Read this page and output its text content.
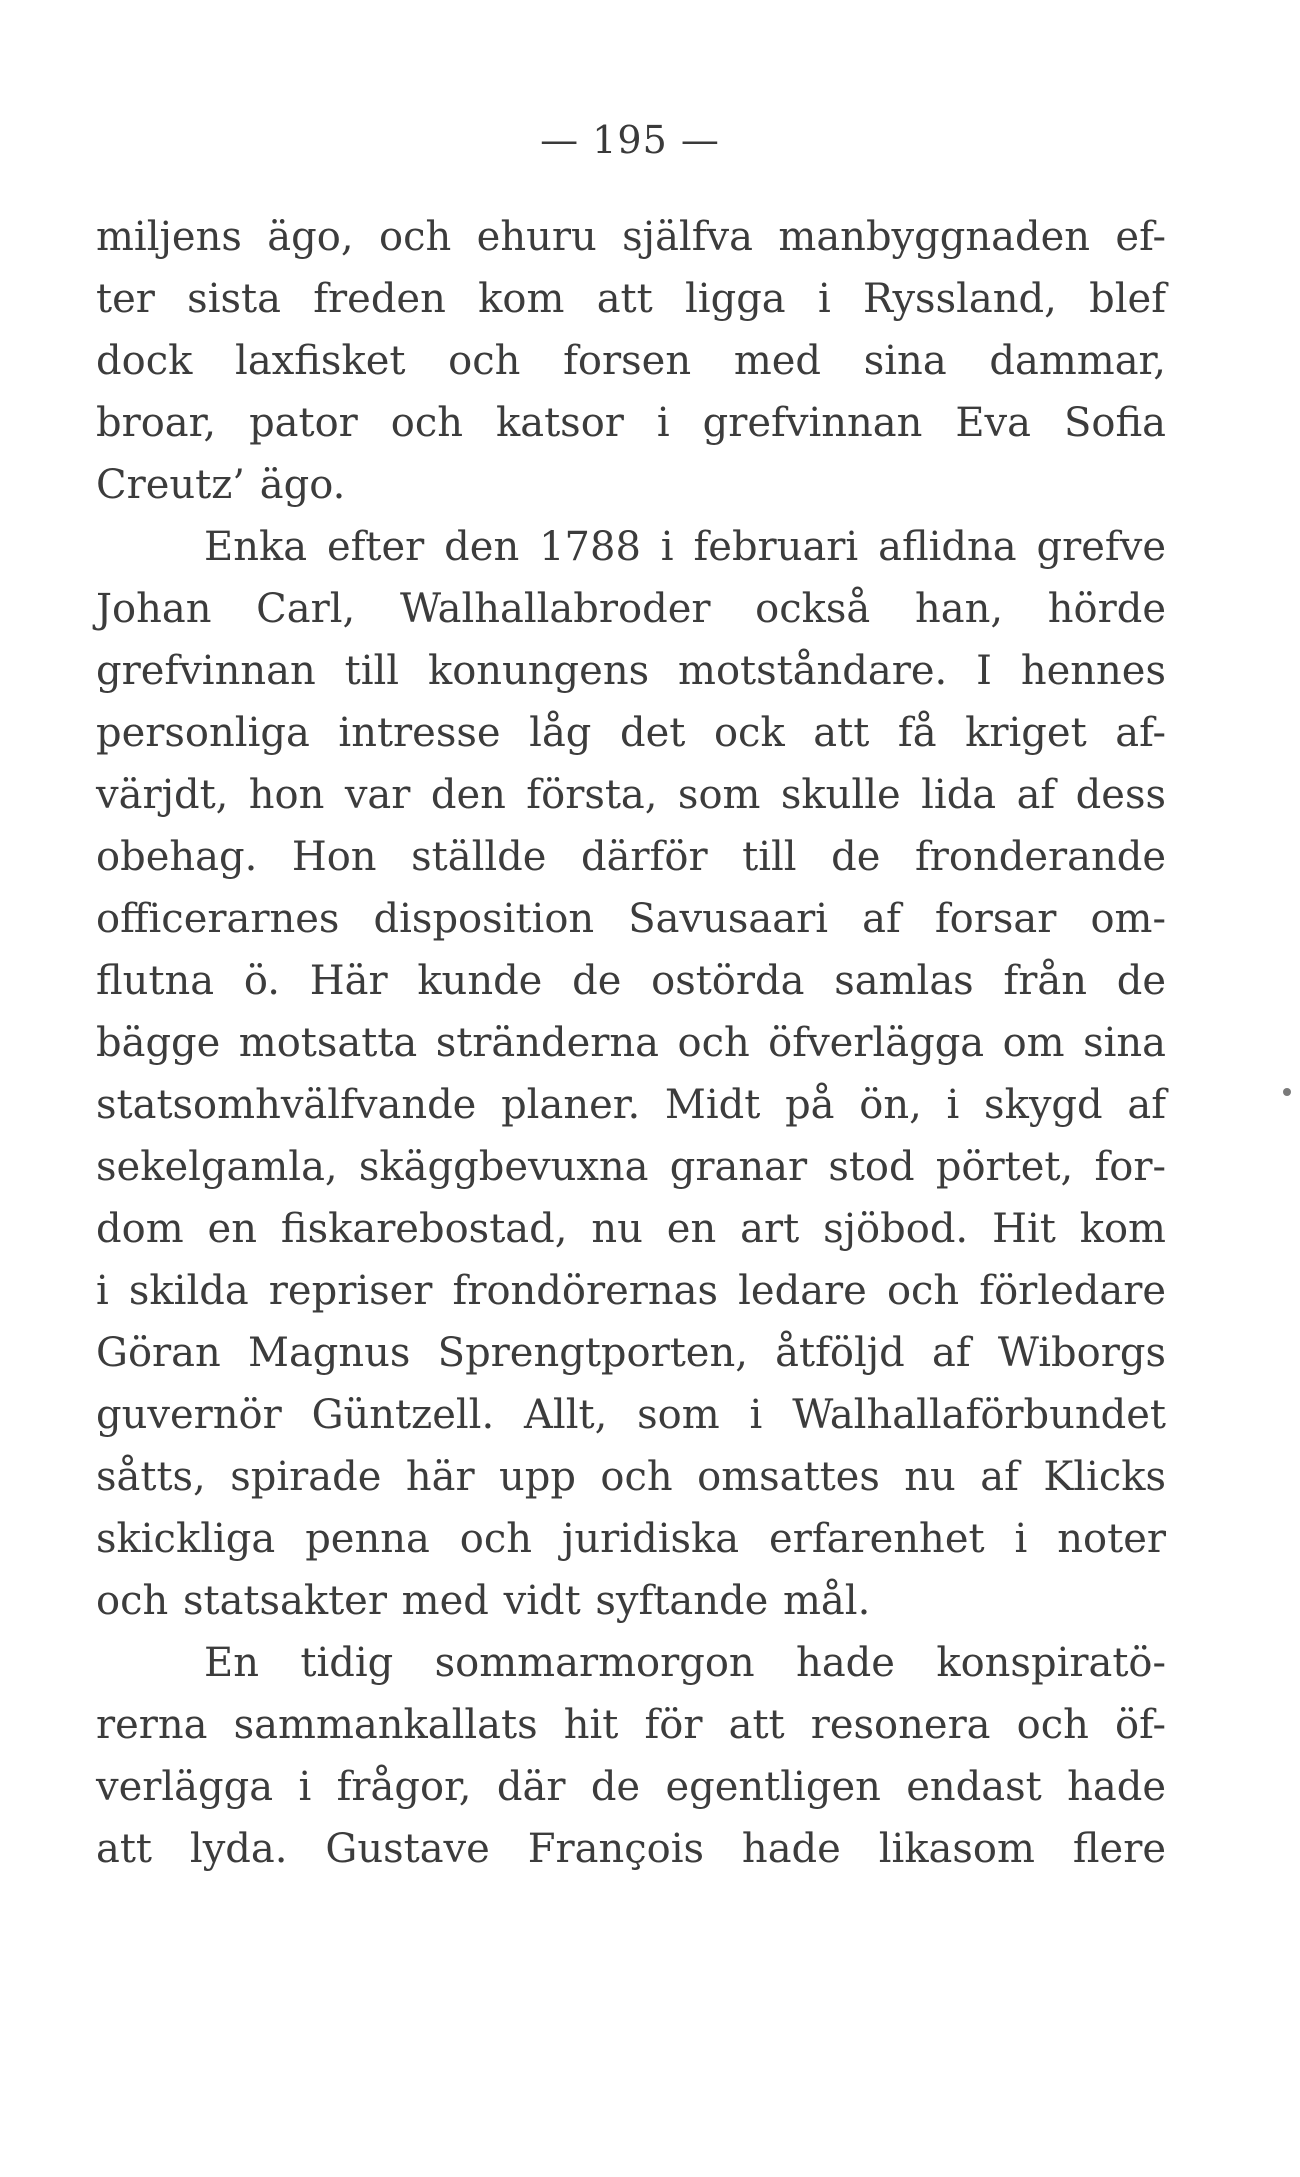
— 195 —
miljens ägo, och ehuru själfva manbyggnaden ef-
ter sista freden kom att ligga i Ryssland, blef
dock laxfisket och forsen med sina dammar,
broar, pator och katsor i grefvinnan Eva Sofia
Creutz’ ägo.
Enka efter den 1788 i februari aflidna grefve
Johan Carl, Walhallabroder också han, hörde
grefvinnan till konungens motståndare. I hennes
personliga intresse låg det ock att få kriget af-
värjdt, hon var den första, som skulle lida af dess
obehag. Hon ställde därför till de fronderande
officerarnes disposition Savusaari af forsar om-
flutna ö. Här kunde de ostörda samlas från de
bägge motsatta stränderna och öfverlägga om sina
statsomhvälfvande planer. Midt på ön, i skygd af
sekelgamla, skäggbevuxna granar stod pörtet, for-
dom en fiskarebostad, nu en art sjöbod. Hit kom
i skilda repriser frondörernas ledare och förledare
Göran Magnus Sprengtporten, åtföljd af Wiborgs
guvernör Güntzell. Allt, som i Walhallaförbundet
såtts, spirade här upp och omsattes nu af Klicks
skickliga penna och juridiska erfarenhet i noter
och statsakter med vidt syftande mål.
En tidig sommarmorgon hade konspiratö-
rerna sammankallats hit för att resonera och öf-
verlägga i frågor, där de egentligen endast hade
att lyda. Gustave François hade likasom flere
